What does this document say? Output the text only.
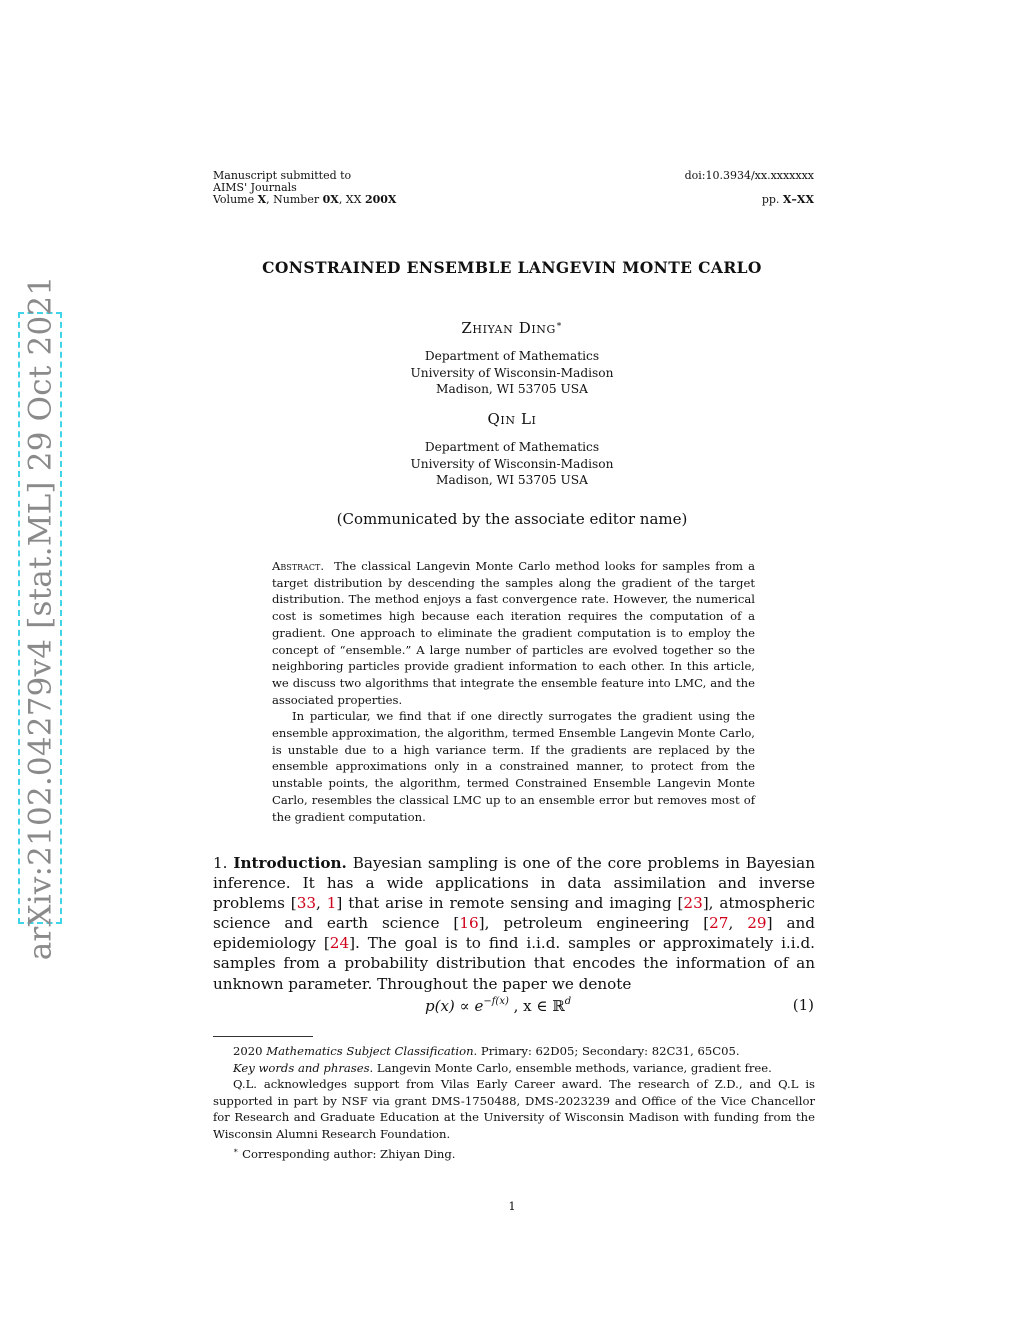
arXiv:2102.04279v4 [stat.ML] 29 Oct 2021
Manuscript submitted to
AIMS' Journals
Volume X, Number 0X, XX 200X
doi:10.3934/xx.xxxxxxx
pp. X–XX
CONSTRAINED ENSEMBLE LANGEVIN MONTE CARLO
Zhiyan Ding∗
Department of Mathematics
University of Wisconsin-Madison
Madison, WI 53705 USA
Qin Li
Department of Mathematics
University of Wisconsin-Madison
Madison, WI 53705 USA
(Communicated by the associate editor name)

Abstract. The classical Langevin Monte Carlo method looks for samples from a target distribution by descending the samples along the gradient of the target distribution. The method enjoys a fast convergence rate. However, the numerical cost is sometimes high because each iteration requires the computation of a gradient. One approach to eliminate the gradient computation is to employ the concept of “ensemble.” A large number of particles are evolved together so the neighboring particles provide gradient information to each other. In this article, we discuss two algorithms that integrate the ensemble feature into LMC, and the associated properties.

In particular, we find that if one directly surrogates the gradient using the ensemble approximation, the algorithm, termed Ensemble Langevin Monte Carlo, is unstable due to a high variance term. If the gradients are replaced by the ensemble approximations only in a constrained manner, to protect from the unstable points, the algorithm, termed Constrained Ensemble Langevin Monte Carlo, resembles the classical LMC up to an ensemble error but removes most of the gradient computation.

1. Introduction. Bayesian sampling is one of the core problems in Bayesian inference. It has a wide applications in data assimilation and inverse problems [33, 1] that arise in remote sensing and imaging [23], atmospheric science and earth science [16], petroleum engineering [27, 29] and epidemiology [24]. The goal is to find i.i.d. samples or approximately i.i.d. samples from a probability distribution that encodes the information of an unknown parameter. Throughout the paper we denote

$p(x) \propto e^{-f(x)}$ , x ∈ ℝ$^d$	(1)

2020 Mathematics Subject Classification. Primary: 62D05; Secondary: 82C31, 65C05.

Key words and phrases. Langevin Monte Carlo, ensemble methods, variance, gradient free.

Q.L. acknowledges support from Vilas Early Career award. The research of Z.D., and Q.L is supported in part by NSF via grant DMS-1750488, DMS-2023239 and Office of the Vice Chancellor for Research and Graduate Education at the University of Wisconsin Madison with funding from the Wisconsin Alumni Research Foundation.

∗ Corresponding author: Zhiyan Ding.

1
